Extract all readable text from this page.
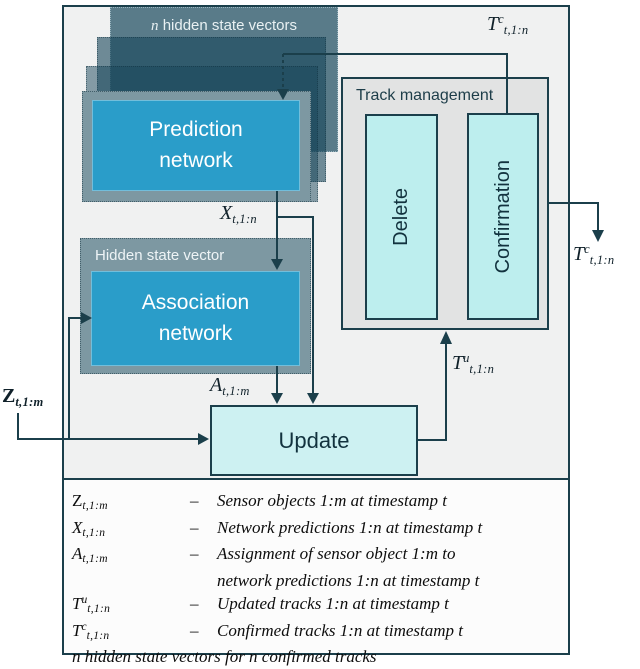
n hidden state vectors
Prediction
network
Hidden state vector
Association
network
Track management
Delete	Confirmation
Update
$T^c_{t,1:n}$
$X_{t,1:n}$
$A_{t,1:m}$
$Z_{t,1:m}$
$T^u_{t,1:n}$
$T^c_{t,1:n}$
Zt,1:m	–	Sensor objects 1:m at timestamp t
Xt,1:n	–	Network predictions 1:n at timestamp t
At,1:m	–	Assignment of sensor object 1:m to
network predictions 1:n at timestamp t
$T^ut,1:n$	–	Updated tracks 1:n at timestamp t
$T^ct,1:n$	–	Confirmed tracks 1:n at timestamp t
n hidden state vectors for n confirmed tracks
